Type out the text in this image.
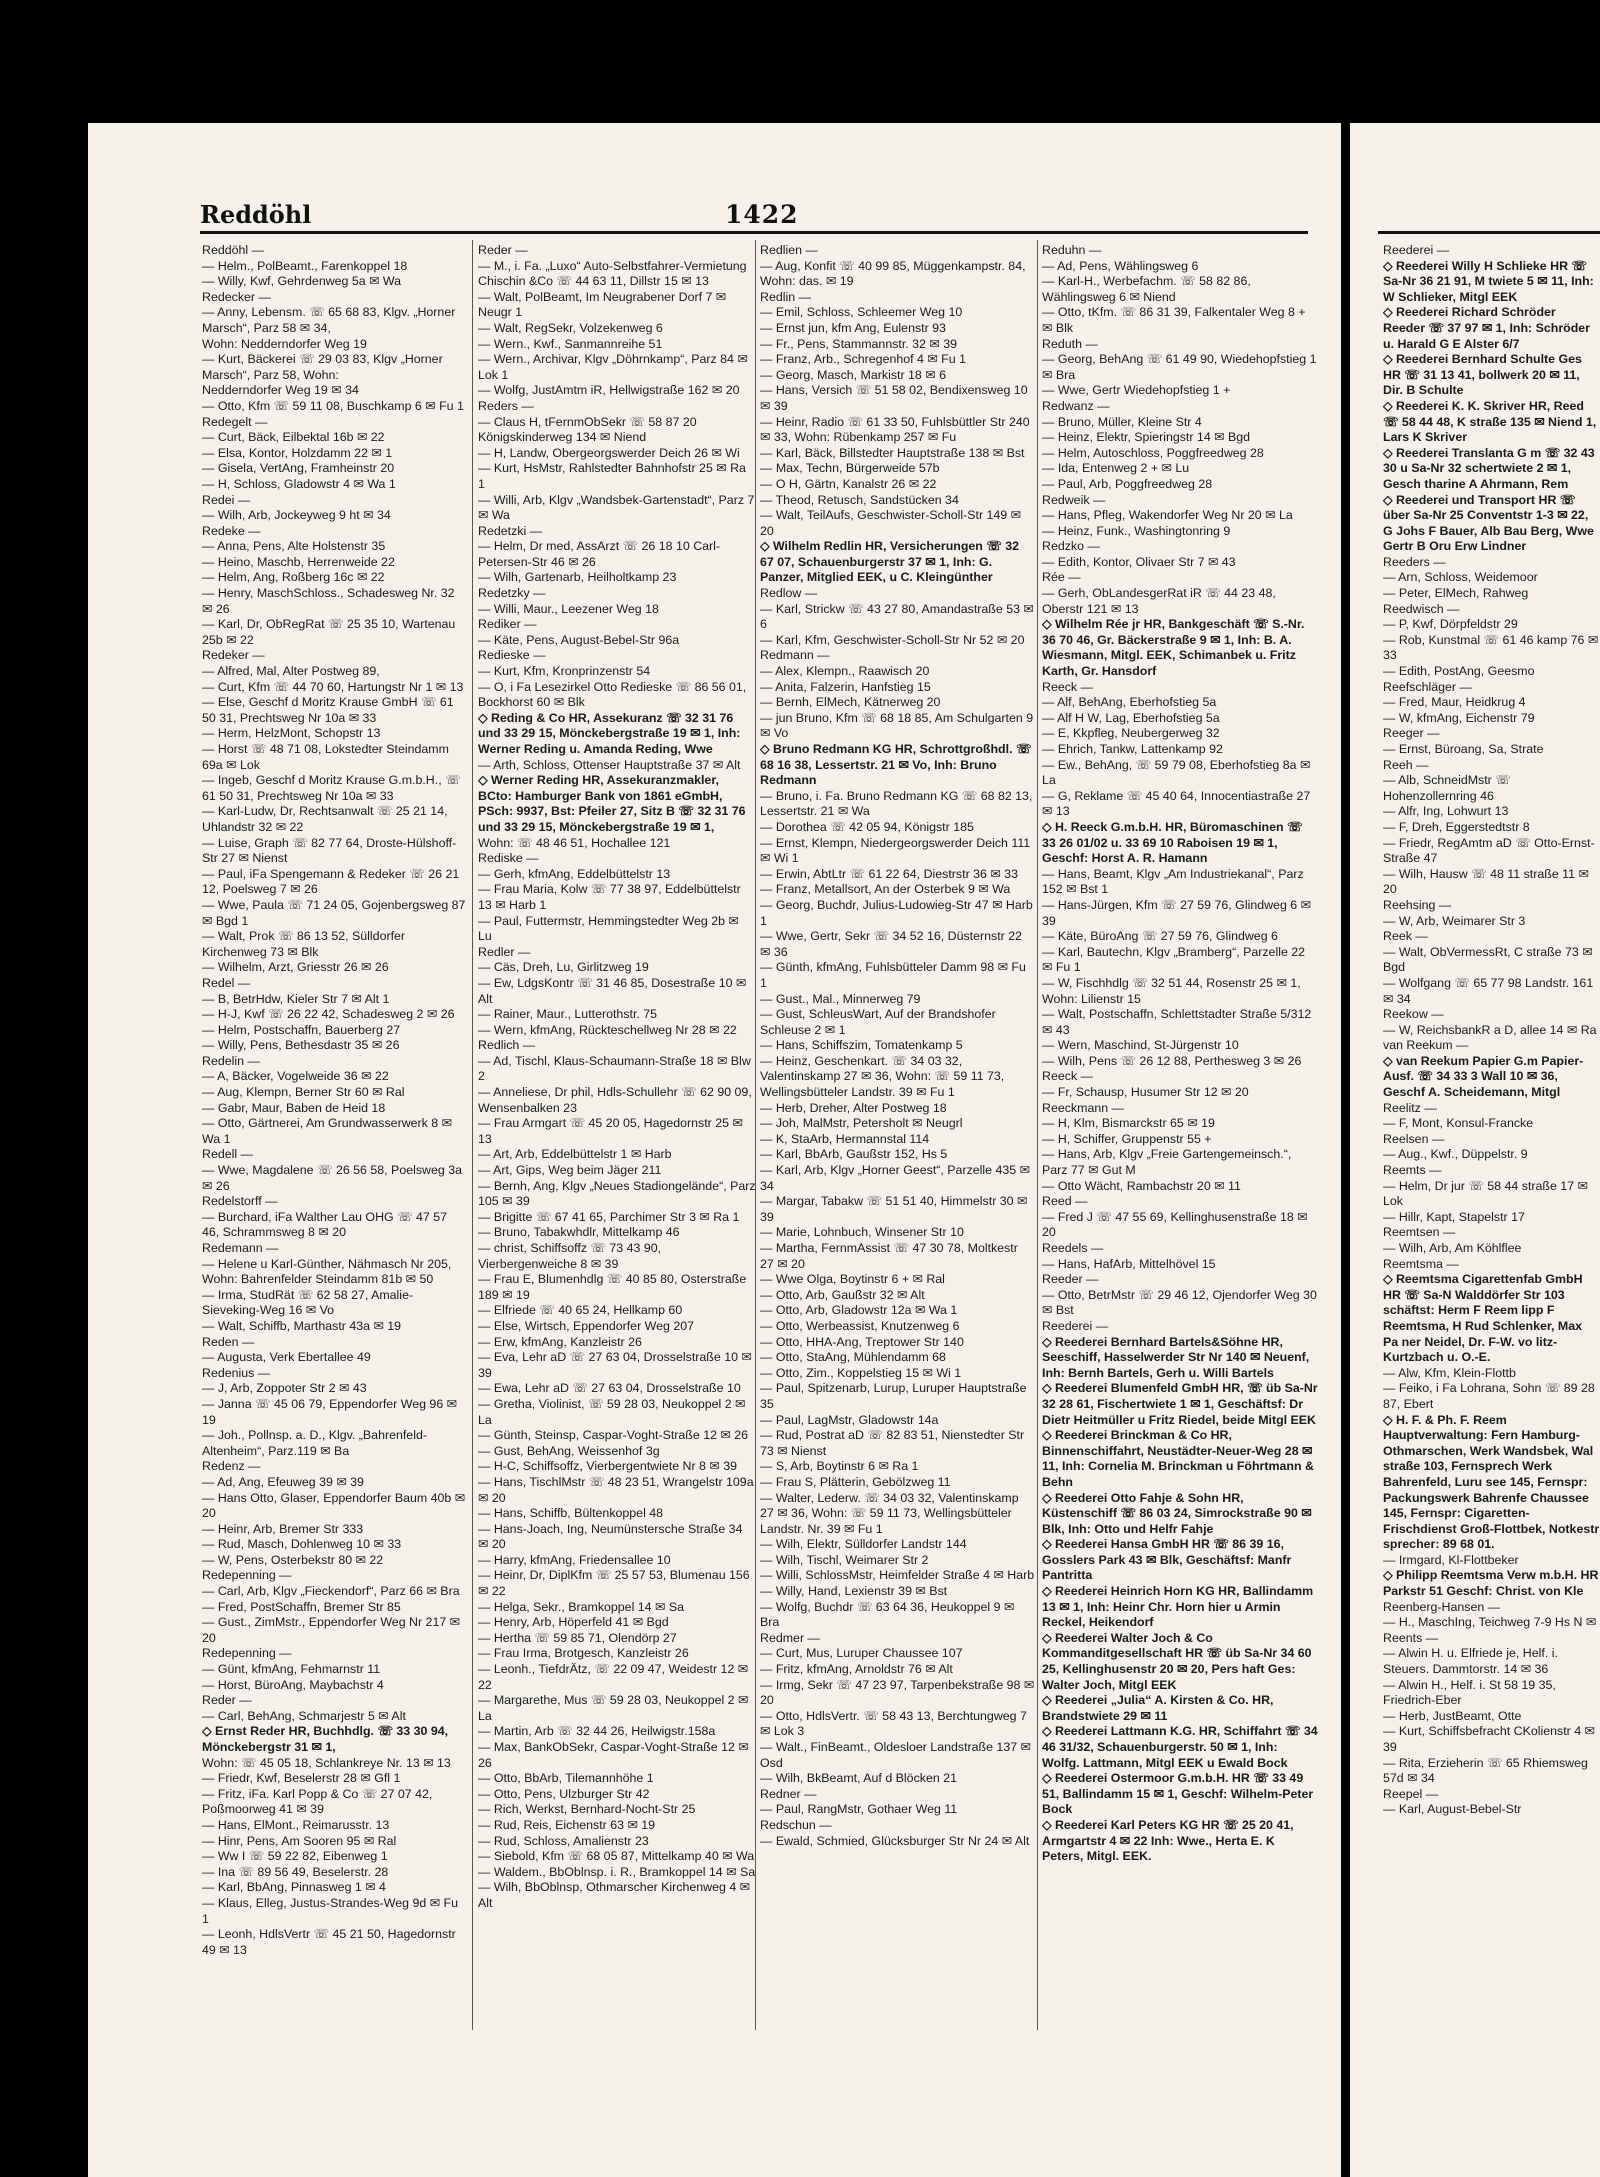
Reddöhl	1422
Reddöhl —
— Helm., PolBeamt., Farenkoppel 18
— Willy, Kwf, Gehrdenweg 5a ✉ Wa
Redecker —
— Anny, Lebensm. ☏ 65 68 83, Klgv. „Horner Marsch“, Parz 58 ✉ 34,
Wohn: Nedderndorfer Weg 19
— Kurt, Bäckerei ☏ 29 03 83, Klgv „Horner Marsch“, Parz 58, Wohn:
Nedderndorfer Weg 19 ✉ 34
— Otto, Kfm ☏ 59 11 08, Buschkamp 6 ✉ Fu 1
Redegelt —
— Curt, Bäck, Eilbektal 16b ✉ 22
— Elsa, Kontor, Holzdamm 22 ✉ 1
— Gisela, VertAng, Framheinstr 20
— H, Schloss, Gladowstr 4 ✉ Wa 1
Redei —
— Wilh, Arb, Jockeyweg 9 ht ✉ 34
Redeke —
— Anna, Pens, Alte Holstenstr 35
— Heino, Maschb, Herrenweide 22
— Helm, Ang, Roßberg 16c ✉ 22
— Henry, MaschSchloss., Schadesweg Nr. 32 ✉ 26
— Karl, Dr, ObRegRat ☏ 25 35 10, Wartenau 25b ✉ 22
Redeker —
— Alfred, Mal, Alter Postweg 89,
— Curt, Kfm ☏ 44 70 60, Hartungstr Nr 1 ✉ 13
— Else, Geschf d Moritz Krause GmbH ☏ 61 50 31, Prechtsweg Nr 10a ✉ 33
— Herm, HelzMont, Schopstr 13
— Horst ☏ 48 71 08, Lokstedter Steindamm 69a ✉ Lok
— Ingeb, Geschf d Moritz Krause G.m.b.H., ☏ 61 50 31, Prechtsweg Nr 10a ✉ 33
— Karl-Ludw, Dr, Rechtsanwalt ☏ 25 21 14, Uhlandstr 32 ✉ 22
— Luise, Graph ☏ 82 77 64, Droste-Hülshoff-Str 27 ✉ Nienst
— Paul, iFa Spengemann & Redeker ☏ 26 21 12, Poelsweg 7 ✉ 26
— Wwe, Paula ☏ 71 24 05, Gojenbergsweg 87 ✉ Bgd 1
— Walt, Prok ☏ 86 13 52, Sülldorfer Kirchenweg 73 ✉ Blk
— Wilhelm, Arzt, Griesstr 26 ✉ 26
Redel —
— B, BetrHdw, Kieler Str 7 ✉ Alt 1
— H-J, Kwf ☏ 26 22 42, Schadesweg 2 ✉ 26
— Helm, Postschaffn, Bauerberg 27
— Willy, Pens, Bethesdastr 35 ✉ 26
Redelin —
— A, Bäcker, Vogelweide 36 ✉ 22
— Aug, Klempn, Berner Str 60 ✉ Ral
— Gabr, Maur, Baben de Heid 18
— Otto, Gärtnerei, Am Grundwasserwerk 8 ✉ Wa 1
Redell —
— Wwe, Magdalene ☏ 26 56 58, Poelsweg 3a ✉ 26
Redelstorff —
— Burchard, iFa Walther Lau OHG ☏ 47 57 46, Schrammsweg 8 ✉ 20
Redemann —
— Helene u Karl-Günther, Nähmasch Nr 205, Wohn: Bahrenfelder Steindamm 81b ✉ 50
— Irma, StudRät ☏ 62 58 27, Amalie-Sieveking-Weg 16 ✉ Vo
— Walt, Schiffb, Marthastr 43a ✉ 19
Reden —
— Augusta, Verk Ebertallee 49
Redenius —
— J, Arb, Zoppoter Str 2 ✉ 43
— Janna ☏ 45 06 79, Eppendorfer Weg 96 ✉ 19
— Joh., Pollnsp. a. D., Klgv. „Bahrenfeld-Altenheim“, Parz.119 ✉ Ba
Redenz —
— Ad, Ang, Efeuweg 39 ✉ 39
— Hans Otto, Glaser, Eppendorfer Baum 40b ✉ 20
— Heinr, Arb, Bremer Str 333
— Rud, Masch, Dohlenweg 10 ✉ 33
— W, Pens, Osterbekstr 80 ✉ 22
Redepenning —
— Carl, Arb, Klgv „Fieckendorf“, Parz 66 ✉ Bra
— Fred, PostSchaffn, Bremer Str 85
— Gust., ZimMstr., Eppendorfer Weg Nr 217 ✉ 20
Redepenning —
— Günt, kfmAng, Fehmarnstr 11
— Horst, BüroAng, Maybachstr 4
Reder —
— Carl, BehAng, Schmarjestr 5 ✉ Alt
◇ Ernst Reder HR, Buchhdlg. ☏ 33 30 94, Mönckebergstr 31 ✉ 1,
Wohn: ☏ 45 05 18, Schlankreye Nr. 13 ✉ 13
— Friedr, Kwf, Beselerstr 28 ✉ Gfl 1
— Fritz, iFa. Karl Popp & Co ☏ 27 07 42, Poßmoorweg 41 ✉ 39
— Hans, ElMont., Reimarusstr. 13
— Hinr, Pens, Am Sooren 95 ✉ Ral
— Ww I ☏ 59 22 82, Eibenweg 1
— Ina ☏ 89 56 49, Beselerstr. 28
— Karl, BbAng, Pinnasweg 1 ✉ 4
— Klaus, Elleg, Justus-Strandes-Weg 9d ✉ Fu 1
— Leonh, HdlsVertr ☏ 45 21 50, Hagedornstr 49 ✉ 13
Reder —
— M., i. Fa. „Luxo“ Auto-Selbstfahrer-Vermietung Chischin &Co ☏ 44 63 11, Dillstr 15 ✉ 13
— Walt, PolBeamt, Im Neugrabener Dorf 7 ✉ Neugr 1
— Walt, RegSekr, Volzekenweg 6
— Wern., Kwf., Sanmannreihe 51
— Wern., Archivar, Klgv „Döhrnkamp“, Parz 84 ✉ Lok 1
— Wolfg, JustAmtm iR, Hellwigstraße 162 ✉ 20
Reders —
— Claus H, tFernmObSekr ☏ 58 87 20 Königskinderweg 134 ✉ Niend
— H, Landw, Obergeorgswerder Deich 26 ✉ Wi
— Kurt, HsMstr, Rahlstedter Bahnhofstr 25 ✉ Ra 1
— Willi, Arb, Klgv „Wandsbek-Gartenstadt“, Parz 7 ✉ Wa
Redetzki —
— Helm, Dr med, AssArzt ☏ 26 18 10 Carl-Petersen-Str 46 ✉ 26
— Wilh, Gartenarb, Heilholtkamp 23
Redetzky —
— Willi, Maur., Leezener Weg 18
Rediker —
— Käte, Pens, August-Bebel-Str 96a
Redieske —
— Kurt, Kfm, Kronprinzenstr 54
— O, i Fa Lesezirkel Otto Redieske ☏ 86 56 01, Bockhorst 60 ✉ Blk
◇ Reding & Co HR, Assekuranz ☏ 32 31 76 und 33 29 15, Mönckebergstraße 19 ✉ 1, Inh: Werner Reding u. Amanda Reding, Wwe
— Arth, Schloss, Ottenser Hauptstraße 37 ✉ Alt
◇ Werner Reding HR, Assekuranzmakler, BCto: Hamburger Bank von 1861 eGmbH, PSch: 9937, Bst: Pfeiler 27, Sitz B ☏ 32 31 76 und 33 29 15, Mönckebergstraße 19 ✉ 1,
Wohn: ☏ 48 46 51, Hochallee 121
Rediske —
— Gerh, kfmAng, Eddelbüttelstr 13
— Frau Maria, Kolw ☏ 77 38 97, Eddelbüttelstr 13 ✉ Harb 1
— Paul, Futtermstr, Hemmingstedter Weg 2b ✉ Lu
Redler —
— Cäs, Dreh, Lu, Girlitzweg 19
— Ew, LdgsKontr ☏ 31 46 85, Dosestraße 10 ✉ Alt
— Rainer, Maur., Lutterothstr. 75
— Wern, kfmAng, Rückteschellweg Nr 28 ✉ 22
Redlich —
— Ad, Tischl, Klaus-Schaumann-Straße 18 ✉ Blw 2
— Anneliese, Dr phil, Hdls-Schullehr ☏ 62 90 09, Wensenbalken 23
— Frau Armgart ☏ 45 20 05, Hagedornstr 25 ✉ 13
— Art, Arb, Eddelbüttelstr 1 ✉ Harb
— Art, Gips, Weg beim Jäger 211
— Bernh, Ang, Klgv „Neues Stadiongelände“, Parz 105 ✉ 39
— Brigitte ☏ 67 41 65, Parchimer Str 3 ✉ Ra 1
— Bruno, Tabakwhdlr, Mittelkamp 46
— christ, Schiffsoffz ☏ 73 43 90, Vierbergenweiche 8 ✉ 39
— Frau E, Blumenhdlg ☏ 40 85 80, Osterstraße 189 ✉ 19
— Elfriede ☏ 40 65 24, Hellkamp 60
— Else, Wirtsch, Eppendorfer Weg 207
— Erw, kfmAng, Kanzleistr 26
— Eva, Lehr aD ☏ 27 63 04, Drosselstraße 10 ✉ 39
— Ewa, Lehr aD ☏ 27 63 04, Drosselstraße 10
— Gretha, Violinist, ☏ 59 28 03, Neukoppel 2 ✉ La
— Günth, Steinsp, Caspar-Voght-Straße 12 ✉ 26
— Gust, BehAng, Weissenhof 3g
— H-C, Schiffsoffz, Vierbergentwiete Nr 8 ✉ 39
— Hans, TischlMstr ☏ 48 23 51, Wrangelstr 109a ✉ 20
— Hans, Schiffb, Bültenkoppel 48
— Hans-Joach, Ing, Neumünstersche Straße 34 ✉ 20
— Harry, kfmAng, Friedensallee 10
— Heinr, Dr, DiplKfm ☏ 25 57 53, Blumenau 156 ✉ 22
— Helga, Sekr., Bramkoppel 14 ✉ Sa
— Henry, Arb, Höperfeld 41 ✉ Bgd
— Hertha ☏ 59 85 71, Olendörp 27
— Frau Irma, Brotgesch, Kanzleistr 26
— Leonh., TiefdrÄtz, ☏ 22 09 47, Weidestr 12 ✉ 22
— Margarethe, Mus ☏ 59 28 03, Neukoppel 2 ✉ La
— Martin, Arb ☏ 32 44 26, Heilwigstr.158a
— Max, BankObSekr, Caspar-Voght-Straße 12 ✉ 26
— Otto, BbArb, Tilemannhöhe 1
— Otto, Pens, Ulzburger Str 42
— Rich, Werkst, Bernhard-Nocht-Str 25
— Rud, Reis, Eichenstr 63 ✉ 19
— Rud, Schloss, Amalienstr 23
— Siebold, Kfm ☏ 68 05 87, Mittelkamp 40 ✉ Wa
— Waldem., BbOblnsp. i. R., Bramkoppel 14 ✉ Sa
— Wilh, BbOblnsp, Othmarscher Kirchenweg 4 ✉ Alt
Redlien —
— Aug, Konfit ☏ 40 99 85, Müggenkampstr. 84, Wohn: das. ✉ 19
Redlin —
— Emil, Schloss, Schleemer Weg 10
— Ernst jun, kfm Ang, Eulenstr 93
— Fr., Pens, Stammannstr. 32 ✉ 39
— Franz, Arb., Schregenhof 4 ✉ Fu 1
— Georg, Masch, Markistr 18 ✉ 6
— Hans, Versich ☏ 51 58 02, Bendixensweg 10 ✉ 39
— Heinr, Radio ☏ 61 33 50, Fuhlsbüttler Str 240 ✉ 33, Wohn: Rübenkamp 257 ✉ Fu
— Karl, Bäck, Billstedter Hauptstraße 138 ✉ Bst
— Max, Techn, Bürgerweide 57b
— O H, Gärtn, Kanalstr 26 ✉ 22
— Theod, Retusch, Sandstücken 34
— Walt, TeilAufs, Geschwister-Scholl-Str 149 ✉ 20
◇ Wilhelm Redlin HR, Versicherungen ☏ 32 67 07, Schauenburgerstr 37 ✉ 1, Inh: G. Panzer, Mitglied EEK, u C. Kleingünther
Redlow —
— Karl, Strickw ☏ 43 27 80, Amandastraße 53 ✉ 6
— Karl, Kfm, Geschwister-Scholl-Str Nr 52 ✉ 20
Redmann —
— Alex, Klempn., Raawisch 20
— Anita, Falzerin, Hanfstieg 15
— Bernh, ElMech, Kätnerweg 20
— jun Bruno, Kfm ☏ 68 18 85, Am Schulgarten 9 ✉ Vo
◇ Bruno Redmann KG HR, Schrottgroßhdl. ☏ 68 16 38, Lessertstr. 21 ✉ Vo, Inh: Bruno Redmann
— Bruno, i. Fa. Bruno Redmann KG ☏ 68 82 13, Lessertstr. 21 ✉ Wa
— Dorothea ☏ 42 05 94, Königstr 185
— Ernst, Klempn, Niedergeorgswerder Deich 111 ✉ Wi 1
— Erwin, AbtLtr ☏ 61 22 64, Diestrstr 36 ✉ 33
— Franz, Metallsort, An der Osterbek 9 ✉ Wa
— Georg, Buchdr, Julius-Ludowieg-Str 47 ✉ Harb 1
— Wwe, Gertr, Sekr ☏ 34 52 16, Düsternstr 22 ✉ 36
— Günth, kfmAng, Fuhlsbütteler Damm 98 ✉ Fu 1
— Gust., Mal., Minnerweg 79
— Gust, SchleusWart, Auf der Brandshofer Schleuse 2 ✉ 1
— Hans, Schiffszim, Tomatenkamp 5
— Heinz, Geschenkart. ☏ 34 03 32, Valentinskamp 27 ✉ 36, Wohn: ☏ 59 11 73, Wellingsbütteler Landstr. 39 ✉ Fu 1
— Herb, Dreher, Alter Postweg 18
— Joh, MalMstr, Petersholt ✉ Neugrl
— K, StaArb, Hermannstal 114
— Karl, BbArb, Gaußstr 152, Hs 5
— Karl, Arb, Klgv „Horner Geest“, Parzelle 435 ✉ 34
— Margar, Tabakw ☏ 51 51 40, Himmelstr 30 ✉ 39
— Marie, Lohnbuch, Winsener Str 10
— Martha, FernmAssist ☏ 47 30 78, Moltkestr 27 ✉ 20
— Wwe Olga, Boytinstr 6 + ✉ Ral
— Otto, Arb, Gaußstr 32 ✉ Alt
— Otto, Arb, Gladowstr 12a ✉ Wa 1
— Otto, Werbeassist, Knutzenweg 6
— Otto, HHA-Ang, Treptower Str 140
— Otto, StaAng, Mühlendamm 68
— Otto, Zim., Koppelstieg 15 ✉ Wi 1
— Paul, Spitzenarb, Lurup, Luruper Hauptstraße 35
— Paul, LagMstr, Gladowstr 14a
— Rud, Postrat aD ☏ 82 83 51, Nienstedter Str 73 ✉ Nienst
— S, Arb, Boytinstr 6 ✉ Ra 1
— Frau S, Plätterin, Gebölzweg 11
— Walter, Lederw. ☏ 34 03 32, Valentinskamp 27 ✉ 36, Wohn: ☏ 59 11 73, Wellingsbütteler Landstr. Nr. 39 ✉ Fu 1
— Wilh, Elektr, Sülldorfer Landstr 144
— Wilh, Tischl, Weimarer Str 2
— Willi, SchlossMstr, Heimfelder Straße 4 ✉ Harb
— Willy, Hand, Lexienstr 39 ✉ Bst
— Wolfg, Buchdr ☏ 63 64 36, Heukoppel 9 ✉ Bra
Redmer —
— Curt, Mus, Luruper Chaussee 107
— Fritz, kfmAng, Arnoldstr 76 ✉ Alt
— Irmg, Sekr ☏ 47 23 97, Tarpenbekstraße 98 ✉ 20
— Otto, HdlsVertr. ☏ 58 43 13, Berchtungweg 7 ✉ Lok 3
— Walt., FinBeamt., Oldesloer Landstraße 137 ✉ Osd
— Wilh, BkBeamt, Auf d Blöcken 21
Redner —
— Paul, RangMstr, Gothaer Weg 11
Redschun —
— Ewald, Schmied, Glücksburger Str Nr 24 ✉ Alt
Reduhn —
— Ad, Pens, Wählingsweg 6
— Karl-H., Werbefachm. ☏ 58 82 86, Wählingsweg 6 ✉ Niend
— Otto, tKfm. ☏ 86 31 39, Falkentaler Weg 8 + ✉ Blk
Reduth —
— Georg, BehAng ☏ 61 49 90, Wiedehopfstieg 1 ✉ Bra
— Wwe, Gertr Wiedehopfstieg 1 +
Redwanz —
— Bruno, Müller, Kleine Str 4
— Heinz, Elektr, Spieringstr 14 ✉ Bgd
— Helm, Autoschloss, Poggfreedweg 28
— Ida, Entenweg 2 + ✉ Lu
— Paul, Arb, Poggfreedweg 28
Redweik —
— Hans, Pfleg, Wakendorfer Weg Nr 20 ✉ La
— Heinz, Funk., Washingtonring 9
Redzko —
— Edith, Kontor, Olivaer Str 7 ✉ 43
Rée —
— Gerh, ObLandesgerRat iR ☏ 44 23 48, Oberstr 121 ✉ 13
◇ Wilhelm Rée jr HR, Bankgeschäft ☏ S.-Nr. 36 70 46, Gr. Bäckerstraße 9 ✉ 1, Inh: B. A. Wiesmann, Mitgl. EEK, Schimanbek u. Fritz Karth, Gr. Hansdorf
Reeck —
— Alf, BehAng, Eberhofstieg 5a
— Alf H W, Lag, Eberhofstieg 5a
— E, Kkpfleg, Neubergerweg 32
— Ehrich, Tankw, Lattenkamp 92
— Ew., BehAng, ☏ 59 79 08, Eberhofstieg 8a ✉ La
— G, Reklame ☏ 45 40 64, Innocentiastraße 27 ✉ 13
◇ H. Reeck G.m.b.H. HR, Büromaschinen ☏ 33 26 01/02 u. 33 69 10 Raboisen 19 ✉ 1, Geschf: Horst A. R. Hamann
— Hans, Beamt, Klgv „Am Industriekanal“, Parz 152 ✉ Bst 1
— Hans-Jürgen, Kfm ☏ 27 59 76, Glindweg 6 ✉ 39
— Käte, BüroAng ☏ 27 59 76, Glindweg 6
— Karl, Bautechn, Klgv „Bramberg“, Parzelle 22 ✉ Fu 1
— W, Fischhdlg ☏ 32 51 44, Rosenstr 25 ✉ 1, Wohn: Lilienstr 15
— Walt, Postschaffn, Schlettstadter Straße 5/312 ✉ 43
— Wern, Maschind, St-Jürgenstr 10
— Wilh, Pens ☏ 26 12 88, Perthesweg 3 ✉ 26
Reeck —
— Fr, Schausp, Husumer Str 12 ✉ 20
Reeckmann —
— H, Klm, Bismarckstr 65 ✉ 19
— H, Schiffer, Gruppenstr 55 +
— Hans, Arb, Klgv „Freie Gartengemeinsch.“, Parz 77 ✉ Gut M
— Otto Wächt, Rambachstr 20 ✉ 11
Reed —
— Fred J ☏ 47 55 69, Kellinghusenstraße 18 ✉ 20
Reedels —
— Hans, HafArb, Mittelhövel 15
Reeder —
— Otto, BetrMstr ☏ 29 46 12, Ojendorfer Weg 30 ✉ Bst
Reederei —
◇ Reederei Bernhard Bartels&Söhne HR, Seeschiff, Hasselwerder Str Nr 140 ✉ Neuenf, Inh: Bernh Bartels, Gerh u. Willi Bartels
◇ Reederei Blumenfeld GmbH HR, ☏ üb Sa-Nr 32 28 61, Fischertwiete 1 ✉ 1, Geschäftsf: Dr Dietr Heitmüller u Fritz Riedel, beide Mitgl EEK
◇ Reederei Brinckman & Co HR, Binnenschiffahrt, Neustädter-Neuer-Weg 28 ✉ 11, Inh: Cornelia M. Brinckman u Föhrtmann & Behn
◇ Reederei Otto Fahje & Sohn HR, Küstenschiff ☏ 86 03 24, Simrockstraße 90 ✉ Blk, Inh: Otto und Helfr Fahje
◇ Reederei Hansa GmbH HR ☏ 86 39 16, Gosslers Park 43 ✉ Blk, Geschäftsf: Manfr Pantritta
◇ Reederei Heinrich Horn KG HR, Ballindamm 13 ✉ 1, Inh: Heinr Chr. Horn hier u Armin Reckel, Heikendorf
◇ Reederei Walter Joch & Co Kommanditgesellschaft HR ☏ üb Sa-Nr 34 60 25, Kellinghusenstr 20 ✉ 20, Pers haft Ges: Walter Joch, Mitgl EEK
◇ Reederei „Julia“ A. Kirsten & Co. HR, Brandstwiete 29 ✉ 11
◇ Reederei Lattmann K.G. HR, Schiffahrt ☏ 34 46 31/32, Schauenburgerstr. 50 ✉ 1, Inh: Wolfg. Lattmann, Mitgl EEK u Ewald Bock
◇ Reederei Ostermoor G.m.b.H. HR ☏ 33 49 51, Ballindamm 15 ✉ 1, Geschf: Wilhelm-Peter Bock
◇ Reederei Karl Peters KG HR ☏ 25 20 41, Armgartstr 4 ✉ 22 Inh: Wwe., Herta E. K Peters, Mitgl. EEK.
Reederei —
◇ Reederei Willy H Schlieke HR ☏ Sa-Nr 36 21 91, M twiete 5 ✉ 11, Inh: W Schlieker, Mitgl EEK
◇ Reederei Richard Schröder Reeder ☏ 37 97 ✉ 1, Inh: Schröder u. Harald G E Alster 6/7
◇ Reederei Bernhard Schulte Ges HR ☏ 31 13 41, bollwerk 20 ✉ 11, Dir. B Schulte
◇ Reederei K. K. Skriver HR, Reed ☏ 58 44 48, K straße 135 ✉ Niend 1, Lars K Skriver
◇ Reederei Translanta G m ☏ 32 43 30 u Sa-Nr 32 schertwiete 2 ✉ 1, Gesch tharine A Ahrmann, Rem
◇ Reederei und Transport HR ☏ über Sa-Nr 25 Conventstr 1-3 ✉ 22, G Johs F Bauer, Alb Bau Berg, Wwe Gertr B Oru Erw Lindner
Reeders —
— Arn, Schloss, Weidemoor
— Peter, ElMech, Rahweg
Reedwisch —
— P, Kwf, Dörpfeldstr 29
— Rob, Kunstmal ☏ 61 46 kamp 76 ✉ 33
— Edith, PostAng, Geesmo
Reefschläger —
— Fred, Maur, Heidkrug 4
— W, kfmAng, Eichenstr 79
Reeger —
— Ernst, Büroang, Sa, Strate
Reeh —
— Alb, SchneidMstr ☏ Hohenzollernring 46
— Alfr, Ing, Lohwurt 13
— F, Dreh, Eggerstedtstr 8
— Friedr, RegAmtm aD ☏ Otto-Ernst-Straße 47
— Wilh, Hausw ☏ 48 11 straße 11 ✉ 20
Reehsing —
— W, Arb, Weimarer Str 3
Reek —
— Walt, ObVermessRt, C straße 73 ✉ Bgd
— Wolfgang ☏ 65 77 98 Landstr. 161 ✉ 34
Reekow —
— W, ReichsbankR a D, allee 14 ✉ Ra
van Reekum —
◇ van Reekum Papier G.m Papier-Ausf. ☏ 34 33 3 Wall 10 ✉ 36, Geschf A. Scheidemann, Mitgl
Reelitz —
— F, Mont, Konsul-Francke
Reelsen —
— Aug., Kwf., Düppelstr. 9
Reemts —
— Helm, Dr jur ☏ 58 44 straße 17 ✉ Lok
— Hillr, Kapt, Stapelstr 17
Reemtsen —
— Wilh, Arb, Am Köhlflee
Reemtsma —
◇ Reemtsma Cigarettenfab GmbH HR ☏ Sa-N Walddörfer Str 103 schäftst: Herm F Reem lipp F Reemtsma, H Rud Schlenker, Max Pa ner Neidel, Dr. F-W. vo litz-Kurtzbach u. O.-E.
— Alw, Kfm, Klein-Flottb
— Feiko, i Fa Lohrana, Sohn ☏ 89 28 87, Ebert
◇ H. F. & Ph. F. Reem Hauptverwaltung: Fern Hamburg-Othmarschen, Werk Wandsbek, Wal straße 103, Fernsprech Werk Bahrenfeld, Luru see 145, Fernspr: Packungswerk Bahrenfe Chaussee 145, Fernspr: Cigaretten-Frischdienst Groß-Flottbek, Notkestr sprecher: 89 68 01.
— Irmgard, Kl-Flottbeker
◇ Philipp Reemtsma Verw m.b.H. HR Parkstr 51 Geschf: Christ. von Kle
Reenberg-Hansen —
— H., MaschIng, Teichweg 7-9 Hs N ✉
Reents —
— Alwin H. u. Elfriede je, Helf. i. Steuers. Dammtorstr. 14 ✉ 36
— Alwin H., Helf. i. St 58 19 35, Friedrich-Eber
— Herb, JustBeamt, Otte
— Kurt, Schiffsbefracht CKolienstr 4 ✉ 39
— Rita, Erzieherin ☏ 65 Rhiemsweg 57d ✉ 34
Reepel —
— Karl, August-Bebel-Str
